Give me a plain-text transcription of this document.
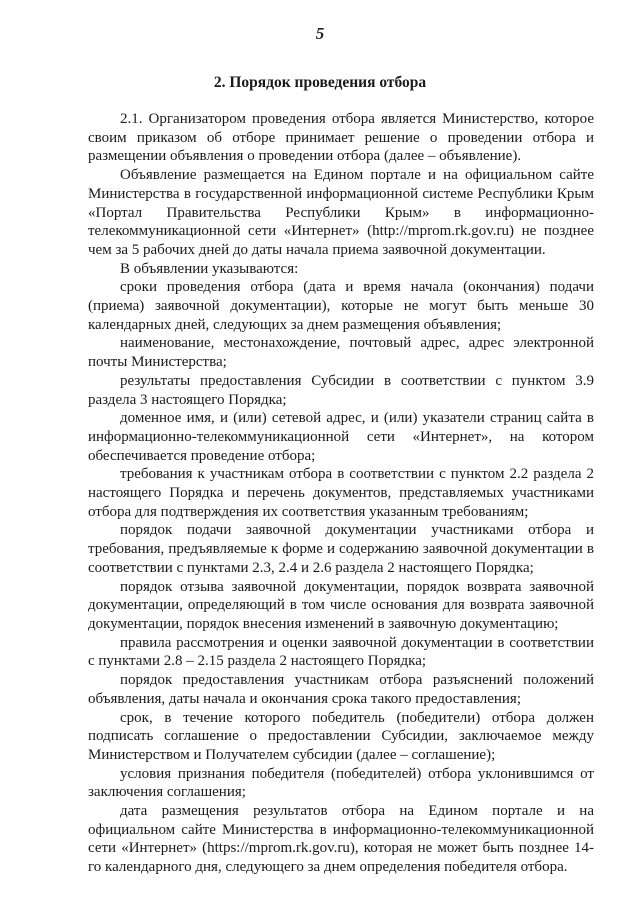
5
2. Порядок проведения отбора

2.1. Организатором проведения отбора является Министерство, которое своим приказом об отборе принимает решение о проведении отбора и размещении объявления о проведении отбора (далее – объявление).

Объявление размещается на Едином портале и на официальном сайте Министерства в государственной информационной системе Республики Крым «Портал Правительства Республики Крым» в информационно-телекоммуникационной сети «Интернет» (http://mprom.rk.gov.ru) не позднее чем за 5 рабочих дней до даты начала приема заявочной документации.

В объявлении указываются:

сроки проведения отбора (дата и время начала (окончания) подачи (приема) заявочной документации), которые не могут быть меньше 30 календарных дней, следующих за днем размещения объявления;

наименование, местонахождение, почтовый адрес, адрес электронной почты Министерства;

результаты предоставления Субсидии в соответствии с пунктом 3.9 раздела 3 настоящего Порядка;

доменное имя, и (или) сетевой адрес, и (или) указатели страниц сайта в информационно-телекоммуникационной сети «Интернет», на котором обеспечивается проведение отбора;

требования к участникам отбора в соответствии с пунктом 2.2 раздела 2 настоящего Порядка и перечень документов, представляемых участниками отбора для подтверждения их соответствия указанным требованиям;

порядок подачи заявочной документации участниками отбора и требования, предъявляемые к форме и содержанию заявочной документации в соответствии с пунктами 2.3, 2.4 и 2.6 раздела 2 настоящего Порядка;

порядок отзыва заявочной документации, порядок возврата заявочной документации, определяющий в том числе основания для возврата заявочной документации, порядок внесения изменений в заявочную документацию;

правила рассмотрения и оценки заявочной документации в соответствии с пунктами 2.8 – 2.15 раздела 2 настоящего Порядка;

порядок предоставления участникам отбора разъяснений положений объявления, даты начала и окончания срока такого предоставления;

срок, в течение которого победитель (победители) отбора должен подписать соглашение о предоставлении Субсидии, заключаемое между Министерством и Получателем субсидии (далее – соглашение);

условия признания победителя (победителей) отбора уклонившимся от заключения соглашения;

дата размещения результатов отбора на Едином портале и на официальном сайте Министерства в информационно-телекоммуникационной сети «Интернет» (https://mprom.rk.gov.ru), которая не может быть позднее 14-го календарного дня, следующего за днем определения победителя отбора.
